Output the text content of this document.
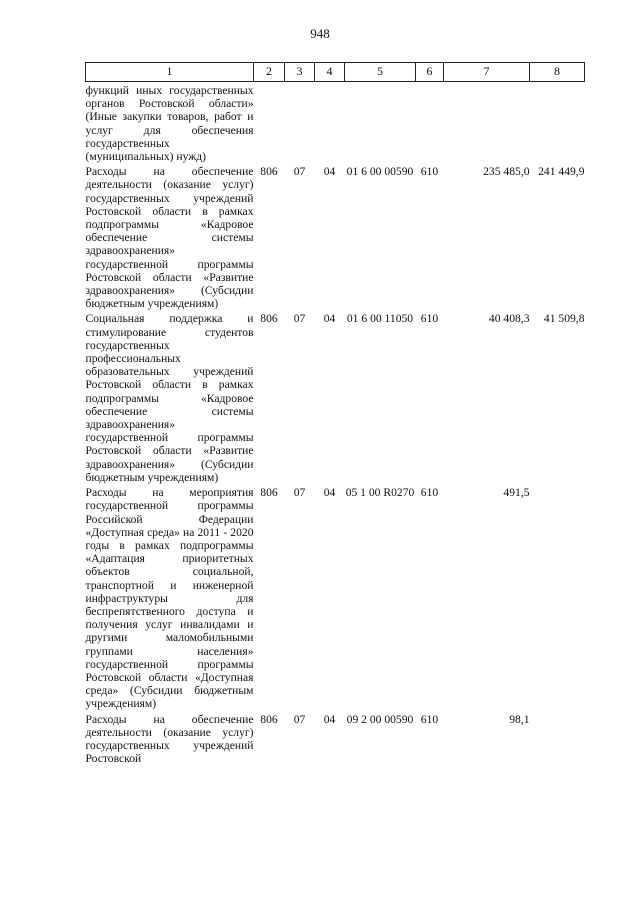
948
1	2	3	4	5	6	7	8
функций иных государственных органов Ростовской области» (Иные закупки товаров, работ и услуг для обеспечения государственных (муниципальных) нужд)							
Расходы на обеспечение деятельности (оказание услуг) государственных учреждений Ростовской области в рамках подпрограммы «Кадровое обеспечение системы здравоохранения» государственной программы Ростовской области «Развитие здравоохранения» (Субсидии бюджетным учреждениям)	806	07	04	01 6 00 00590	610	235 485,0	241 449,9
Социальная поддержка и стимулирование студентов государственных профессиональных образовательных учреждений Ростовской области в рамках подпрограммы «Кадровое обеспечение системы здравоохранения» государственной программы Ростовской области «Развитие здравоохранения» (Субсидии бюджетным учреждениям)	806	07	04	01 6 00 11050	610	40 408,3	41 509,8
Расходы на мероприятия государственной программы Российской Федерации «Доступная среда» на 2011 - 2020 годы в рамках подпрограммы «Адаптация приоритетных объектов социальной, транспортной и инженерной инфраструктуры для беспрепятственного доступа и получения услуг инвалидами и другими маломобильными группами населения» государственной программы Ростовской области «Доступная среда» (Субсидии бюджетным учреждениям)	806	07	04	05 1 00 R0270	610	491,5	
Расходы на обеспечение деятельности (оказание услуг) государственных учреждений Ростовской	806	07	04	09 2 00 00590	610	98,1	
